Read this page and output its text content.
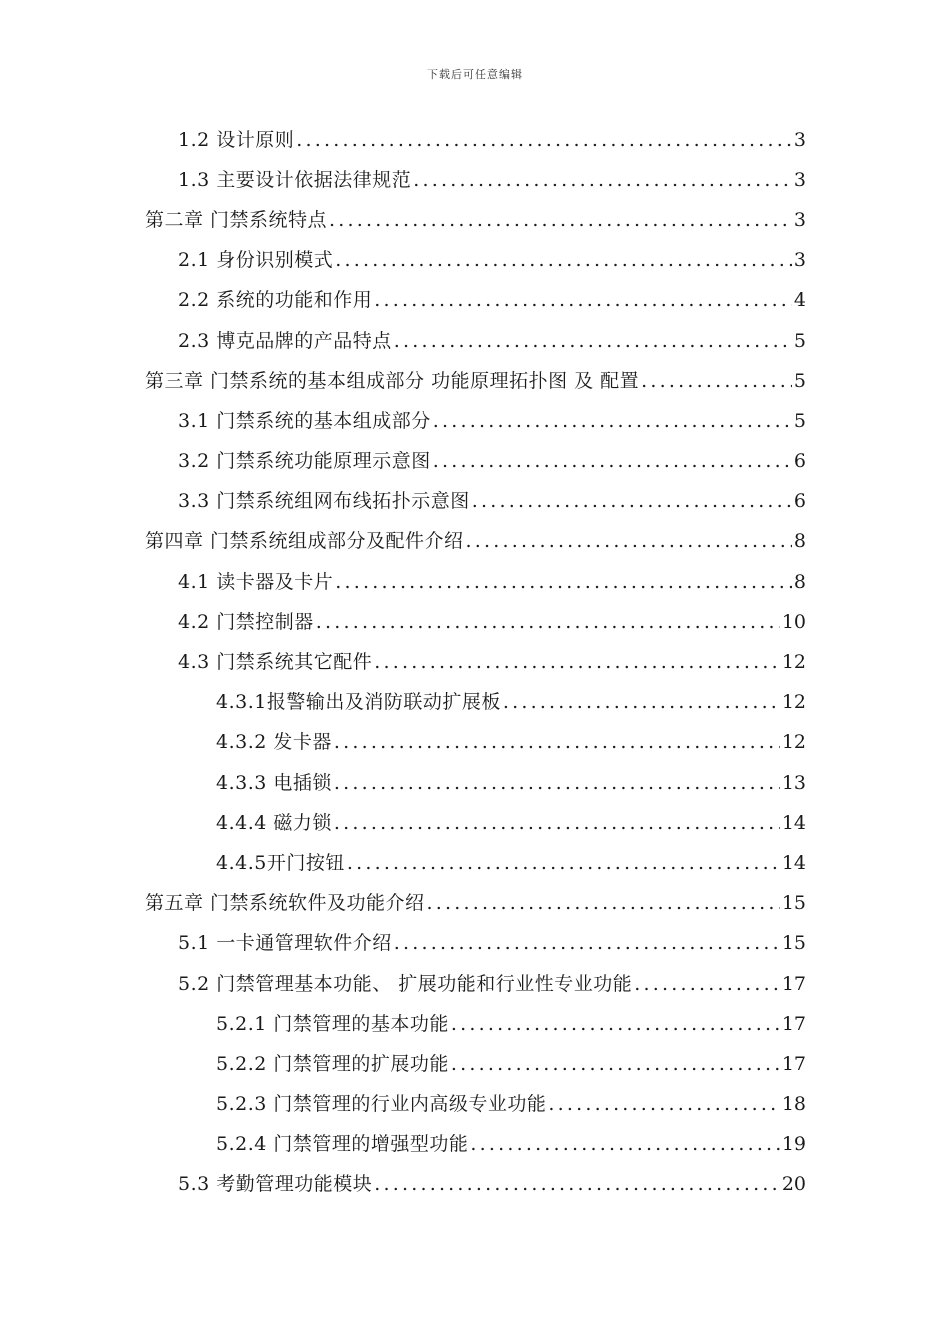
下载后可任意编辑
1.2 设计原则 .....	3
1.3 主要设计依据法律规范 .....	3
第二章 门禁系统特点 .....	3
2.1 身份识别模式 .....	3
2.2 系统的功能和作用 .....	4
2.3 博克品牌的产品特点 .....	5
第三章 门禁系统的基本组成部分 功能原理拓扑图 及 配置 .....	5
3.1 门禁系统的基本组成部分 .....	5
3.2 门禁系统功能原理示意图 .....	6
3.3 门禁系统组网布线拓扑示意图 .....	6
第四章 门禁系统组成部分及配件介绍 .....	8
4.1 读卡器及卡片 .....	8
4.2 门禁控制器 .....	10
4.3 门禁系统其它配件 .....	12
4.3.1报警输出及消防联动扩展板 .....	12
4.3.2 发卡器 .....	12
4.3.3 电插锁 .....	13
4.4.4 磁力锁 .....	14
4.4.5开门按钮 .....	14
第五章 门禁系统软件及功能介绍 .....	15
5.1 一卡通管理软件介绍 .....	15
5.2 门禁管理基本功能、 扩展功能和行业性专业功能 .....	17
5.2.1 门禁管理的基本功能 .....	17
5.2.2 门禁管理的扩展功能 .....	17
5.2.3 门禁管理的行业内高级专业功能 .....	18
5.2.4 门禁管理的增强型功能 .....	19
5.3 考勤管理功能模块 .....	20
